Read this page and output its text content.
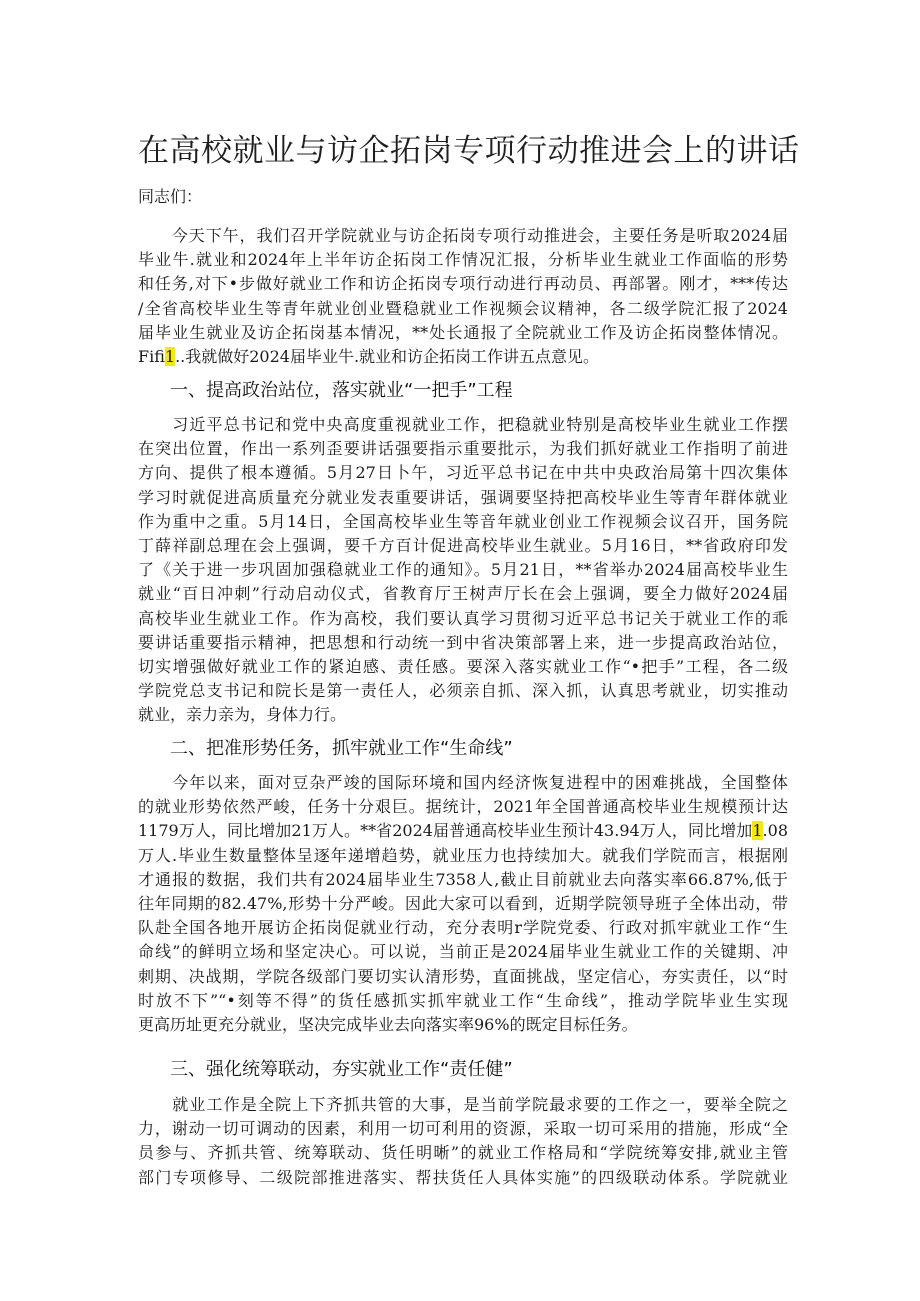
在高校就业与访企拓岗专项行动推进会上的讲话
同志们：
　　今天下午，我们召开学院就业与访企拓岗专项行动推进会，主要任务是听取2024届
毕业牛.就业和2024年上半年访企拓岗工作情况汇报，分析毕业生就业工作面临的形势
和任务,对下•步做好就业工作和访企拓岗专项行动进行再动员、再部署。刚才，***传达
/全省高校毕业生等青年就业创业暨稳就业工作视频会议精神，各二级学院汇报了2024
届毕业生就业及访企拓岗基本情况，**处长通报了全院就业工作及访企拓岗整体情况。
Fifi1..我就做好2024届毕业牛.就业和访企拓岗工作讲五点意见。
一、提高政治站位，落实就业“一把手”工程
　　习近平总书记和党中央高度重视就业工作，把稳就业特别是高校毕业生就业工作摆
在突出位置，作出一系列歪要讲话强要指示重要批示，为我们抓好就业工作指明了前进
方向、提供了根本遵循。5月27日卜午，习近平总书记在中共中央政治局第十四次集体
学习时就促进高质量充分就业发表重要讲话，强调要坚持把高校毕业生等青年群体就业
作为重中之重。5月14日，全国高校毕业生等音年就业创业工作视频会议召开，国务院
丁薛祥副总理在会上强调，要千方百计促进高校毕业生就业。5月16日，**省政府印发
了《关于进一步巩固加强稳就业工作的通知》。5月21日，**省举办2024届高校毕业生
就业“百日冲刺”行动启动仪式，省教育厅王树声厅长在会上强调，要全力做好2024届
高校毕业生就业工作。作为高校，我们要认真学习贯彻习近平总书记关于就业工作的乖
要讲话重要指示精神，把思想和行动统一到中省决策部署上来，进一步提高政治站位，
切实增强做好就业工作的紧迫感、责任感。要深入落实就业工作“•把手”工程，各二级
学院党总支书记和院长是第一责任人，必须亲自抓、深入抓，认真思考就业，切实推动
就业，亲力亲为，身体力行。
二、把准形势任务，抓牢就业工作“生命线”
　　今年以来，面对豆杂严竣的国际环境和国内经济恢复进程中的困难挑战，全国整体
的就业形势依然严峻，任务十分艰巨。据统计，2021年全国普通高校毕业生规模预计达
1179万人，同比增加21万人。**省2024届普通高校毕业生预计43.94万人，同比增加1.08
万人.毕业生数量整体呈逐年递增趋势，就业压力也持续加大。就我们学院而言，根据刚
才通报的数据，我们共有2024届毕业生7358人,截止目前就业去向落实率66.87%,低于
往年同期的82.47%,形势十分严峻。因此大家可以看到，近期学院领导班子全体出动，带
队赴全国各地开展访企拓岗促就业行动，充分表明r学院党委、行政对抓牢就业工作“生
命线”的鲜明立场和坚定决心。可以说，当前正是2024届毕业生就业工作的关键期、冲
刺期、决战期，学院各级部门要切实认清形势，直面挑战，坚定信心，夯实责任，以“时
时放不下”“•刻等不得”的货任感抓实抓牢就业工作“生命线”，推动学院毕业生实现
更高历址更充分就业，坚决完成毕业去向落实率96%的既定目标任务。
三、强化统筹联动，夯实就业工作“责任健”
　　就业工作是全院上下齐抓共管的大事，是当前学院最求要的工作之一，要举全院之
力，谢动一切可调动的因素，利用一切可利用的资源，采取一切可采用的措施，形成“全
员参与、齐抓共管、统筹联动、货任明晰”的就业工作格局和“学院统筹安排,就业主管
部门专项修导、二级院部推进落实、帮扶货任人具体实施”的四级联动体系。学院就业
